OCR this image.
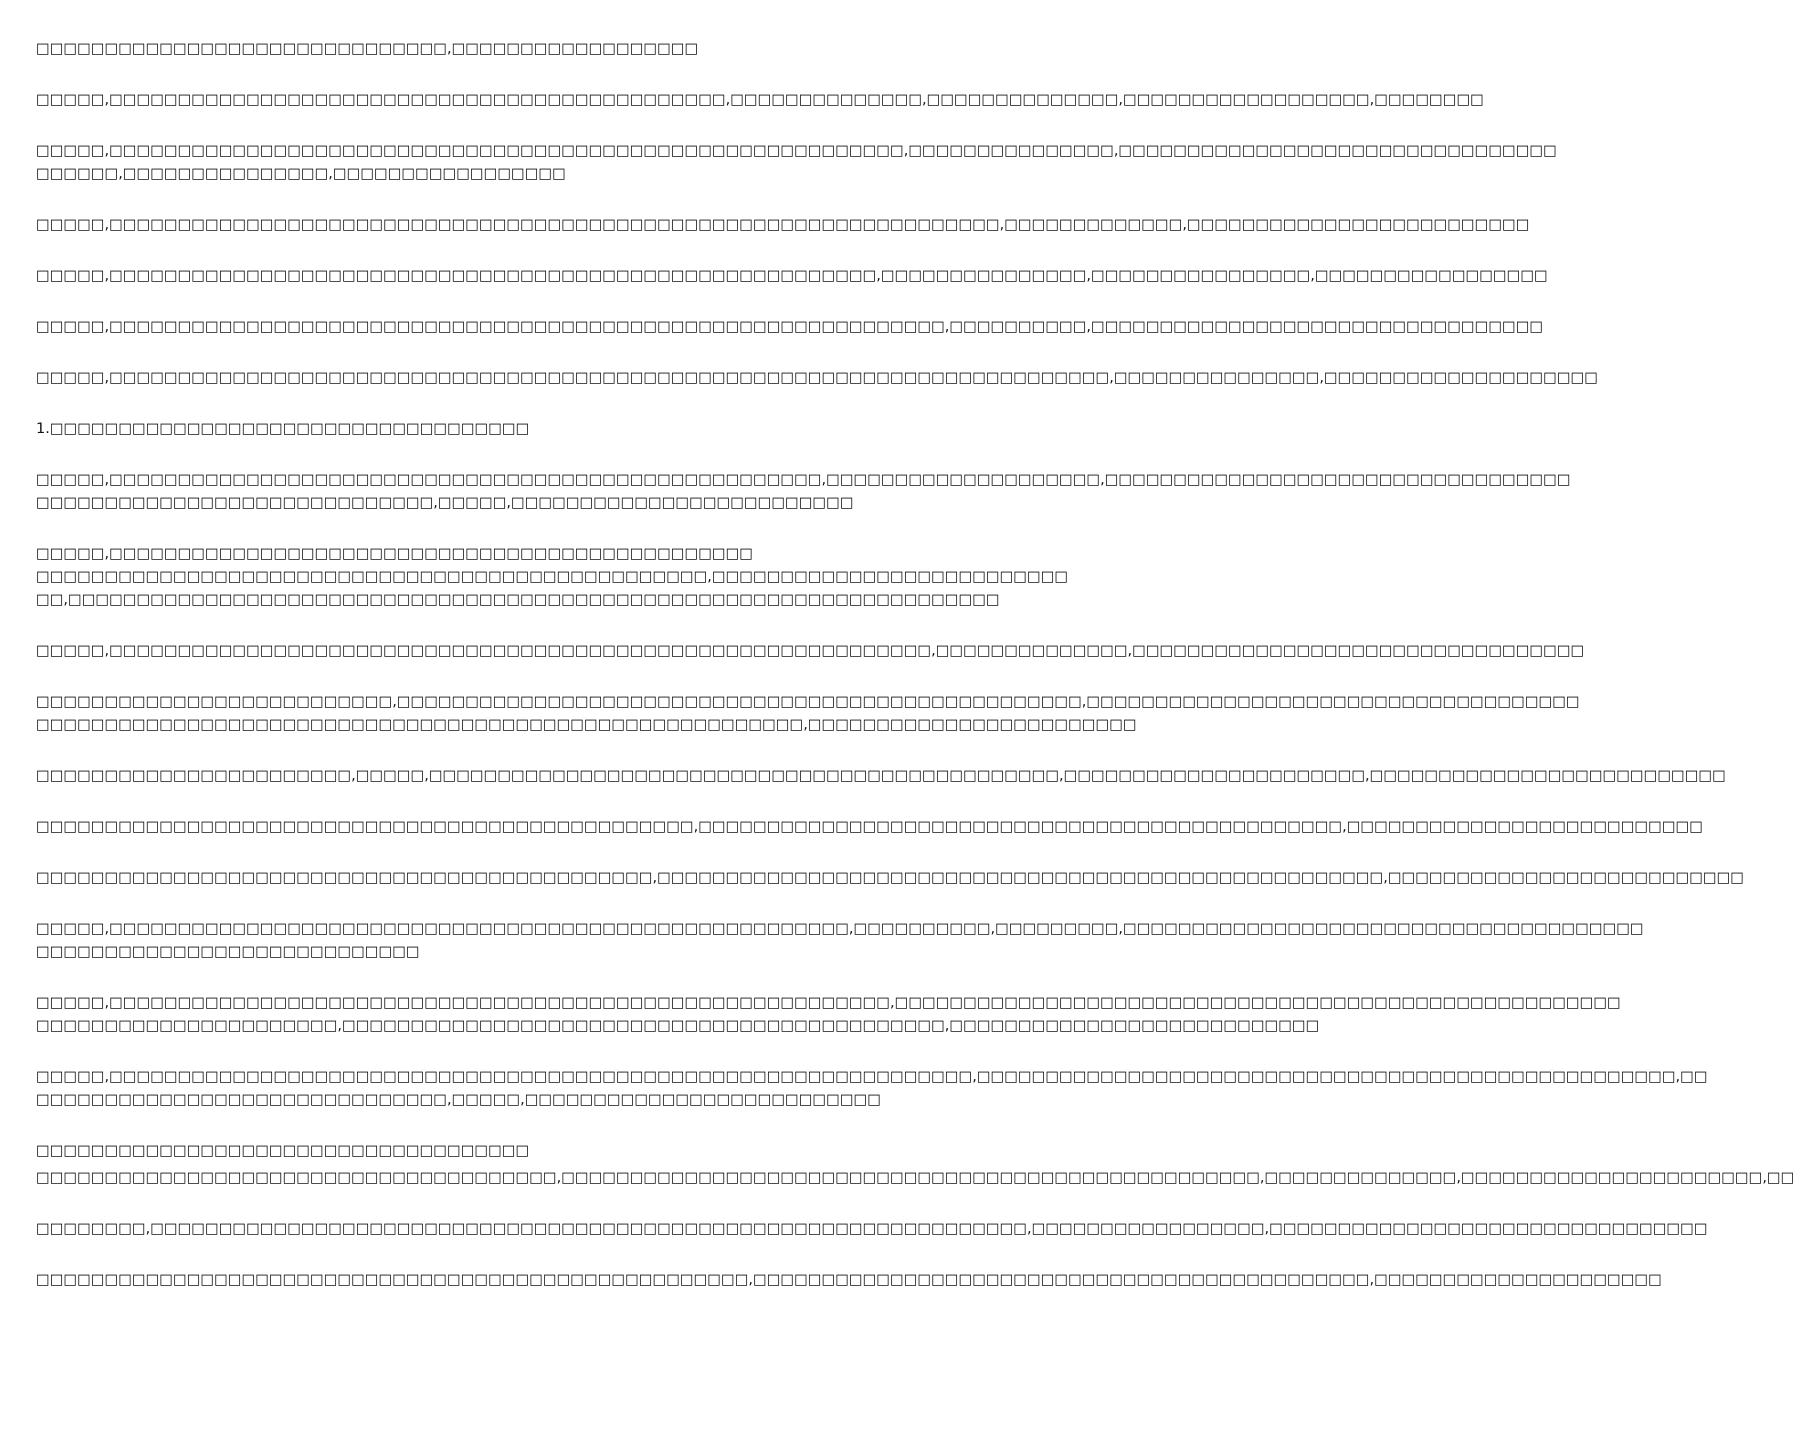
□□□□□□□□□□□□□□□□□□□□□□□□□□□□□□,□□□□□□□□□□□□□□□□□□
□□□□□,□□□□□□□□□□□□□□□□□□□□□□□□□□□□□□□□□□□□□□□□□□□□□,□□□□□□□□□□□□□□,□□□□□□□□□□□□□□,□□□□□□□□□□□□□□□□□□,□□□□□□□□
□□□□□,□□□□□□□□□□□□□□□□□□□□□□□□□□□□□□□□□□□□□□□□□□□□□□□□□□□□□□□□□□,□□□□□□□□□□□□□□□,□□□□□□□□□□□□□□□□□□□□□□□□□□□□□□□□
□□□□□□,□□□□□□□□□□□□□□□,□□□□□□□□□□□□□□□□□
□□□□□,□□□□□□□□□□□□□□□□□□□□□□□□□□□□□□□□□□□□□□□□□□□□□□□□□□□□□□□□□□□□□□□□□,□□□□□□□□□□□□□,□□□□□□□□□□□□□□□□□□□□□□□□□
□□□□□,□□□□□□□□□□□□□□□□□□□□□□□□□□□□□□□□□□□□□□□□□□□□□□□□□□□□□□□□,□□□□□□□□□□□□□□□,□□□□□□□□□□□□□□□□,□□□□□□□□□□□□□□□□□
□□□□□,□□□□□□□□□□□□□□□□□□□□□□□□□□□□□□□□□□□□□□□□□□□□□□□□□□□□□□□□□□□□□,□□□□□□□□□□,□□□□□□□□□□□□□□□□□□□□□□□□□□□□□□□□□
□□□□□,□□□□□□□□□□□□□□□□□□□□□□□□□□□□□□□□□□□□□□□□□□□□□□□□□□□□□□□□□□□□□□□□□□□□□□□□□,□□□□□□□□□□□□□□□,□□□□□□□□□□□□□□□□□□□□
1.□□□□□□□□□□□□□□□□□□□□□□□□□□□□□□□□□□□
□□□□□,□□□□□□□□□□□□□□□□□□□□□□□□□□□□□□□□□□□□□□□□□□□□□□□□□□□□,□□□□□□□□□□□□□□□□□□□□,□□□□□□□□□□□□□□□□□□□□□□□□□□□□□□□□□□
□□□□□□□□□□□□□□□□□□□□□□□□□□□□□,□□□□□,□□□□□□□□□□□□□□□□□□□□□□□□□
□□□□□,□□□□□□□□□□□□□□□□□□□□□□□□□□□□□□□□□□□□□□□□□□□□□□□
□□□□□□□□□□□□□□□□□□□□□□□□□□□□□□□□□□□□□□□□□□□□□□□□□,□□□□□□□□□□□□□□□□□□□□□□□□□□
□□,□□□□□□□□□□□□□□□□□□□□□□□□□□□□□□□□□□□□□□□□□□□□□□□□□□□□□□□□□□□□□□□□□□□□
□□□□□,□□□□□□□□□□□□□□□□□□□□□□□□□□□□□□□□□□□□□□□□□□□□□□□□□□□□□□□□□□□□,□□□□□□□□□□□□□□,□□□□□□□□□□□□□□□□□□□□□□□□□□□□□□□□□
□□□□□□□□□□□□□□□□□□□□□□□□□□,□□□□□□□□□□□□□□□□□□□□□□□□□□□□□□□□□□□□□□□□□□□□□□□□□□,□□□□□□□□□□□□□□□□□□□□□□□□□□□□□□□□□□□□
□□□□□□□□□□□□□□□□□□□□□□□□□□□□□□□□□□□□□□□□□□□□□□□□□□□□□□□□,□□□□□□□□□□□□□□□□□□□□□□□□
□□□□□□□□□□□□□□□□□□□□□□□,□□□□□,□□□□□□□□□□□□□□□□□□□□□□□□□□□□□□□□□□□□□□□□□□□□□□,□□□□□□□□□□□□□□□□□□□□□□,□□□□□□□□□□□□□□□□□□□□□□□□□□
□□□□□□□□□□□□□□□□□□□□□□□□□□□□□□□□□□□□□□□□□□□□□□□□,□□□□□□□□□□□□□□□□□□□□□□□□□□□□□□□□□□□□□□□□□□□□□□□,□□□□□□□□□□□□□□□□□□□□□□□□□□
□□□□□□□□□□□□□□□□□□□□□□□□□□□□□□□□□□□□□□□□□□□□□,□□□□□□□□□□□□□□□□□□□□□□□□□□□□□□□□□□□□□□□□□□□□□□□□□□□□□,□□□□□□□□□□□□□□□□□□□□□□□□□□
□□□□□,□□□□□□□□□□□□□□□□□□□□□□□□□□□□□□□□□□□□□□□□□□□□□□□□□□□□□□,□□□□□□□□□□,□□□□□□□□□,□□□□□□□□□□□□□□□□□□□□□□□□□□□□□□□□□□□□□□
□□□□□□□□□□□□□□□□□□□□□□□□□□□□
□□□□□,□□□□□□□□□□□□□□□□□□□□□□□□□□□□□□□□□□□□□□□□□□□□□□□□□□□□□□□□□,□□□□□□□□□□□□□□□□□□□□□□□□□□□□□□□□□□□□□□□□□□□□□□□□□□□□□
□□□□□□□□□□□□□□□□□□□□□□,□□□□□□□□□□□□□□□□□□□□□□□□□□□□□□□□□□□□□□□□□□□□,□□□□□□□□□□□□□□□□□□□□□□□□□□□
□□□□□,□□□□□□□□□□□□□□□□□□□□□□□□□□□□□□□□□□□□□□□□□□□□□□□□□□□□□□□□□□□□□□□,□□□□□□□□□□□□□□□□□□□□□□□□□□□□□□□□□□□□□□□□□□□□□□□□□□□,□□
□□□□□□□□□□□□□□□□□□□□□□□□□□□□□□,□□□□□,□□□□□□□□□□□□□□□□□□□□□□□□□□
□□□□□□□□□□□□□□□□□□□□□□□□□□□□□□□□□□□□
□□□□□□□□□□□□□□□□□□□□□□□□□□□□□□□□□□□□□□,□□□□□□□□□□□□□□□□□□□□□□□□□□□□□□□□□□□□□□□□□□□□□□□□□□□,□□□□□□□□□□□□□□,□□□□□□□□□□□□□□□□□□□□□□,□□
□□□□□□□□,□□□□□□□□□□□□□□□□□□□□□□□□□□□□□□□□□□□□□□□□□□□□□□□□□□□□□□□□□□□□□□□□,□□□□□□□□□□□□□□□□□,□□□□□□□□□□□□□□□□□□□□□□□□□□□□□□□□
□□□□□□□□□□□□□□□□□□□□□□□□□□□□□□□□□□□□□□□□□□□□□□□□□□□□,□□□□□□□□□□□□□□□□□□□□□□□□□□□□□□□□□□□□□□□□□□□□□,□□□□□□□□□□□□□□□□□□□□□
